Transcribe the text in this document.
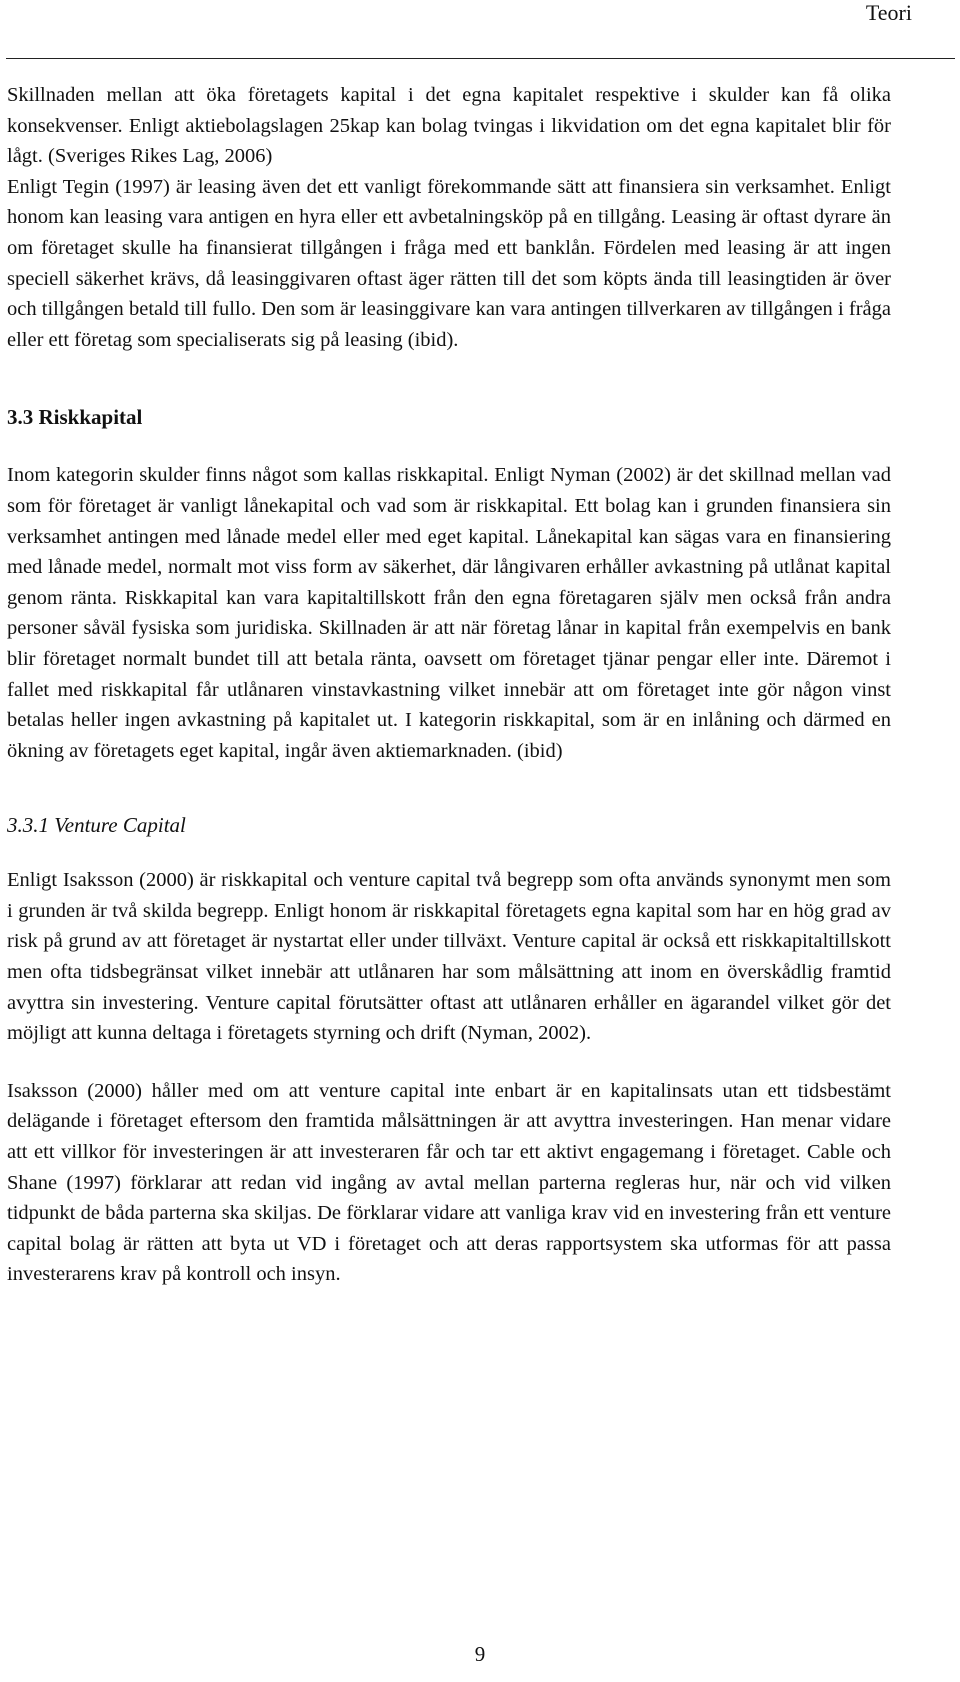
Teori

Skillnaden mellan att öka företagets kapital i det egna kapitalet respektive i skulder kan få olika konsekvenser. Enligt aktiebolagslagen 25kap kan bolag tvingas i likvidation om det egna kapitalet blir för lågt. (Sveriges Rikes Lag, 2006)

Enligt Tegin (1997) är leasing även det ett vanligt förekommande sätt att finansiera sin verksamhet. Enligt honom kan leasing vara antigen en hyra eller ett avbetalningsköp på en tillgång. Leasing är oftast dyrare än om företaget skulle ha finansierat tillgången i fråga med ett banklån. Fördelen med leasing är att ingen speciell säkerhet krävs, då leasinggivaren oftast äger rätten till det som köpts ända till leasingtiden är över och tillgången betald till fullo. Den som är leasinggivare kan vara antingen tillverkaren av tillgången i fråga eller ett företag som specialiserats sig på leasing (ibid).

3.3 Riskkapital

Inom kategorin skulder finns något som kallas riskkapital. Enligt Nyman (2002) är det skillnad mellan vad som för företaget är vanligt lånekapital och vad som är riskkapital. Ett bolag kan i grunden finansiera sin verksamhet antingen med lånade medel eller med eget kapital. Lånekapital kan sägas vara en finansiering med lånade medel, normalt mot viss form av säkerhet, där långivaren erhåller avkastning på utlånat kapital genom ränta. Riskkapital kan vara kapitaltillskott från den egna företagaren själv men också från andra personer såväl fysiska som juridiska. Skillnaden är att när företag lånar in kapital från exempelvis en bank blir företaget normalt bundet till att betala ränta, oavsett om företaget tjänar pengar eller inte. Däremot i fallet med riskkapital får utlånaren vinstavkastning vilket innebär att om företaget inte gör någon vinst betalas heller ingen avkastning på kapitalet ut. I kategorin riskkapital, som är en inlåning och därmed en ökning av företagets eget kapital, ingår även aktiemarknaden. (ibid)

3.3.1 Venture Capital

Enligt Isaksson (2000) är riskkapital och venture capital två begrepp som ofta används synonymt men som i grunden är två skilda begrepp. Enligt honom är riskkapital företagets egna kapital som har en hög grad av risk på grund av att företaget är nystartat eller under tillväxt. Venture capital är också ett riskkapitaltillskott men ofta tidsbegränsat vilket innebär att utlånaren har som målsättning att inom en överskådlig framtid avyttra sin investering. Venture capital förutsätter oftast att utlånaren erhåller en ägarandel vilket gör det möjligt att kunna deltaga i företagets styrning och drift (Nyman, 2002).

Isaksson (2000) håller med om att venture capital inte enbart är en kapitalinsats utan ett tidsbestämt delägande i företaget eftersom den framtida målsättningen är att avyttra investeringen. Han menar vidare att ett villkor för investeringen är att investeraren får och tar ett aktivt engagemang i företaget. Cable och Shane (1997) förklarar att redan vid ingång av avtal mellan parterna regleras hur, när och vid vilken tidpunkt de båda parterna ska skiljas. De förklarar vidare att vanliga krav vid en investering från ett venture capital bolag är rätten att byta ut VD i företaget och att deras rapportsystem ska utformas för att passa investerarens krav på kontroll och insyn.

9
